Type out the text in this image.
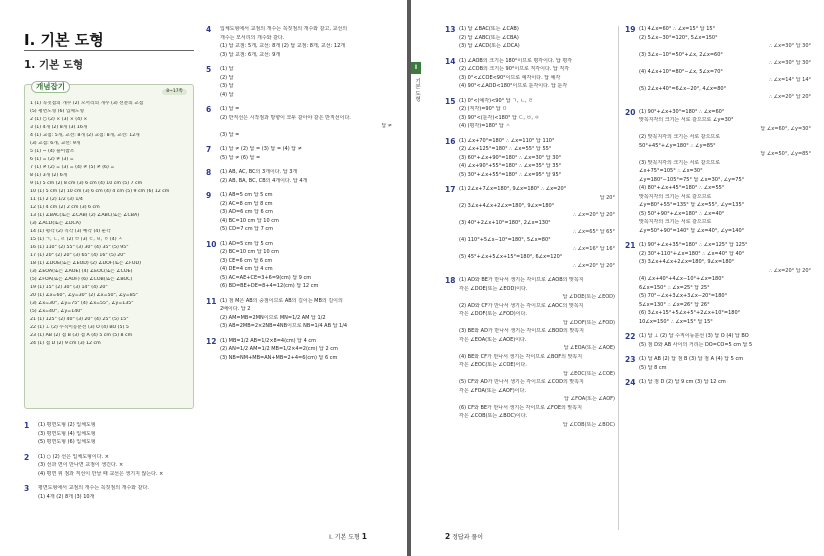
I. 기본 도형
1. 기본 도형
개념잡기
8~17쪽
1 (1) 꼭짓점의 개수 (2) 모서리의 개수 (3) 선분의 교점
(5) 평면도형 (6) 입체도형
2 (1) ○ (2) × (3) × (4) ×
3 (1) 4개 (2) 8개 (3) 16개
4 (1) 교점: 5개, 교선: 8개 (2) 교점: 8개, 교선: 12개
(3) 교점: 6개, 교선: 9개
5 (1) ~ (4) 풀이참조
6 (1) = (2) ≠ (3) =
7 (1) ≠ (2) = (3) = (4) ≠ (5) ≠ (6) =
8 (1) 3개 (2) 6개
9 (1) 5 cm (2) 8 cm (3) 6 cm (4) 10 cm (5) 7 cm
10 (1) 5 cm (2) 10 cm (3) 6 cm (4) 4 cm (5) 9 cm (6) 12 cm
11 (1) 2 (2) 1/2 (3) 1/4
12 (1) 4 cm (2) 2 cm (3) 6 cm
13 (1) ∠BAC(또는 ∠CAB) (2) ∠ABC(또는 ∠CBA)
(3) ∠ACD(또는 ∠DCA)
14 (1) 평각 (2) 직각 (3) 예각 (4) 둔각
15 (1) ㄱ, ㄴ, ㄹ (2) ㅁ (3) ㄷ, ㅂ, ㅇ (4) ㅅ
16 (1) 110° (2) 55° (3) 30° (4) 35° (5) 95°
17 (1) 20° (2) 20° (3) 65° (4) 16° (5) 20°
18 (1) ∠DOE(또는 ∠EOD) (2) ∠DOF(또는 ∠FOD)
(3) ∠EOA(또는 ∠AOE) (4) ∠EOC(또는 ∠COE)
(5) ∠FOA(또는 ∠AOF) (6) ∠COB(또는 ∠BOC)
19 (1) 15° (2) 30° (3) 14° (4) 20°
20 (1) ∠x=60°, ∠y=30° (2) ∠x=50°, ∠y=85°
(3) ∠x=30°, ∠y=75° (4) ∠x=55°, ∠y=135°
(5) ∠x=40°, ∠y=140°
21 (1) 125° (2) 40° (3) 20° (4) 25° (5) 15°
22 (1) ⊥ (2) 수직이등분선 (3) O (4) BO (5) 5
23 (1) AB (2) 점 B (3) 점 A (4) 5 cm (5) 8 cm
24 (1) 점 D (2) 9 cm (3) 12 cm
1	(1) 평면도형 (2) 입체도형
(3) 평면도형 (4) 입체도형
(5) 평면도형 (6) 입체도형
2	(1) ○ (2) 선은 입체도형이다. ×
(3) 선과 면이 만나면 교점이 생긴다. ×
(4) 평면 위 점과 직선이 만날 때 교선은 생기지 않는다. ×
3	평면도형에서 교점의 개수는 꼭짓점의 개수와 같다.
(1) 4개 (2) 8개 (3) 10개
4	입체도형에서 교점의 개수는 꼭짓점의 개수와 같고, 교선의
개수는 모서리의 개수와 같다.
(1) 답 교점: 5개, 교선: 8개 (2) 답 교점: 8개, 교선: 12개
(3) 답 교점: 6개, 교선: 9개
5	(1) 답
(2) 답
(3) 답
(4) 답
6	(1) 답 =
(2) 반직선은 시작점과 방향이 모두 같아야 같은 반직선이다.
답 ≠
(3) 답 =
7	(1) 답 ≠ (2) 답 = (3) 답 = (4) 답 ≠
(5) 답 ≠ (6) 답 =
8	(1) AB, AC, BC의 3개이다. 답 3개
(2) AB, BA, BC, CB의 4개이다. 답 4개
9	(1) AB=5 cm 답 5 cm
(2) AC=8 cm 답 8 cm
(3) AD=6 cm 답 6 cm
(4) BC=10 cm 답 10 cm
(5) CD=7 cm 답 7 cm
10 (1) AD=5 cm 답 5 cm
(2) BC=10 cm 답 10 cm
(3) CE=6 cm 답 6 cm
(4) DE=4 cm 답 4 cm
(5) AC=AE+CE=3+6=9(cm) 답 9 cm
(6) BD=BE+DE=8+4=12(cm) 답 12 cm
11 (1) 점 M은 AB의 중점이므로 AB의 길이는 MB의 길이의
2배이다. 답 2
(2) AM=MB=2MN이므로 MN=1/2 AM 답 1/2
(3) AB=2MB=2×2NB=4NB이므로 NB=1/4 AB 답 1/4
12 (1) MB=1/2 AB=1/2×8=4(cm) 답 4 cm
(2) AN=1/2 AM=1/2 MB=1/2×4=2(cm) 답 2 cm
(3) NB=NM+MB=AN+MB=2+4=6(cm) 답 6 cm
I. 기본 도형 1
I
기본 도형
13 (1) 답 ∠BAC(또는 ∠CAB)
(2) 답 ∠ABC(또는 ∠CBA)
(3) 답 ∠ACD(또는 ∠DCA)
14 (1) ∠AOB의 크기는 180°이므로 평각이다. 답 평각
(2) ∠COB의 크기는 90°이므로 직각이다. 답 직각
(3) 0°<∠COE<90°이므로 예각이다. 답 예각
(4) 90°<∠AOD<180°이므로 둔각이다. 답 둔각
15 (1) 0°<(예각)<90° 답 ㄱ, ㄴ, ㄹ
(2) (직각)=90° 답 ㅁ
(3) 90°<(둔각)<180° 답 ㄷ, ㅂ, ㅇ
(4) (평각)=180° 답 ㅅ
16 (1) ∠x+70°=180° ∴ ∠x=110° 답 110°
(2) ∠x+125°=180° ∴ ∠x=55° 답 55°
(3) 60°+∠x+90°=180° ∴ ∠x=30° 답 30°
(4) ∠x+90°+55°=180° ∴ ∠x=35° 답 35°
(5) 30°+∠x+55°=180° ∴ ∠x=95° 답 95°
17 (1) 2∠x+7∠x=180°, 9∠x=180° ∴ ∠x=20°
답 20°
(2) 3∠x+4∠x+2∠x=180°, 9∠x=180°
∴ ∠x=20° 답 20°
(3) 40°+2∠x+10°=180°, 2∠x=130°
∴ ∠x=65° 답 65°
(4) 110°+5∠x−10°=180°, 5∠x=80°
∴ ∠x=16° 답 16°
(5) 45°+∠x+5∠x+15°=180°, 6∠x=120°
∴ ∠x=20° 답 20°
18 (1) AD와 BE가 만나서 생기는 각이므로 ∠AOB의 맞꼭지
각은 ∠DOE(또는 ∠EOD)이다.
답 ∠DOE(또는 ∠EOD)
(2) AD와 CF가 만나서 생기는 각이므로 ∠AOC의 맞꼭지
각은 ∠DOF(또는 ∠FOD)이다.
답 ∠DOF(또는 ∠FOD)
(3) BE와 AD가 만나서 생기는 각이므로 ∠BOD의 맞꼭지
각은 ∠EOA(또는 ∠AOE)이다.
답 ∠EOA(또는 ∠AOE)
(4) BE와 CF가 만나서 생기는 각이므로 ∠BOF의 맞꼭지
각은 ∠EOC(또는 ∠COE)이다.
답 ∠EOC(또는 ∠COE)
(5) CF와 AD가 만나서 생기는 각이므로 ∠COD의 맞꼭지
각은 ∠FOA(또는 ∠AOF)이다.
답 ∠FOA(또는 ∠AOF)
(6) CF와 BE가 만나서 생기는 각이므로 ∠FOE의 맞꼭지
각은 ∠COB(또는 ∠BOC)이다.
답 ∠COB(또는 ∠BOC)
19 (1) 4∠x=60° ∴ ∠x=15° 답 15°
(2) 5∠x−30°=120°, 5∠x=150°
∴ ∠x=30° 답 30°
(3) 3∠x−10°=50°+∠x, 2∠x=60°
∴ ∠x=30° 답 30°
(4) 4∠x+10°=80°−∠x, 5∠x=70°
∴ ∠x=14° 답 14°
(5) 2∠x+40°=6∠x−20°, 4∠x=80°
∴ ∠x=20° 답 20°
20 (1) 90°+∠x+30°=180° ∴ ∠x=60°
맞꼭지각의 크기는 서로 같으므로 ∠y=30°
답 ∠x=60°, ∠y=30°
(2) 맞꼭지각의 크기는 서로 같으므로
50°+45°+∠y=180° ∴ ∠y=85°
답 ∠x=50°, ∠y=85°
(3) 맞꼭지각의 크기는 서로 같으므로
∠x+75°=105° ∴ ∠x=30°
∠y=180°−105°=75° 답 ∠x=30°, ∠y=75°
(4) 80°+∠x+45°=180° ∴ ∠x=55°
맞꼭지각의 크기는 서로 같으므로
∠y=80°+55°=135° 답 ∠x=55°, ∠y=135°
(5) 50°+90°+∠x=180° ∴ ∠x=40°
맞꼭지각의 크기는 서로 같으므로
∠y=50°+90°=140° 답 ∠x=40°, ∠y=140°
21 (1) 90°+∠x+35°=180° ∴ ∠x=125° 답 125°
(2) 30°+110°+∠x=180° ∴ ∠x=40° 답 40°
(3) 3∠x+4∠x+2∠x=180°, 9∠x=180°
∴ ∠x=20° 답 20°
(4) ∠x+40°+4∠x−10°+∠x=180°
6∠x=150° ∴ ∠x=25° 답 25°
(5) 70°−∠x+3∠x+3∠x−20°=180°
5∠x=130° ∴ ∠x=26° 답 26°
(6) 3∠x+15°+5∠x+5°+2∠x+10°=180°
10∠x=150° ∴ ∠x=15° 답 15°
22 (1) 답 ⊥ (2) 답 수직이등분선 (3) 답 O (4) 답 BO
(5) 점 D와 AB 사이의 거리는 DO=CO=5 cm 답 5
23 (1) 답 AB (2) 답 점 B (3) 답 점 A (4) 답 5 cm
(5) 답 8 cm
24 (1) 답 점 D (2) 답 9 cm (3) 답 12 cm
2 정답과 풀이
